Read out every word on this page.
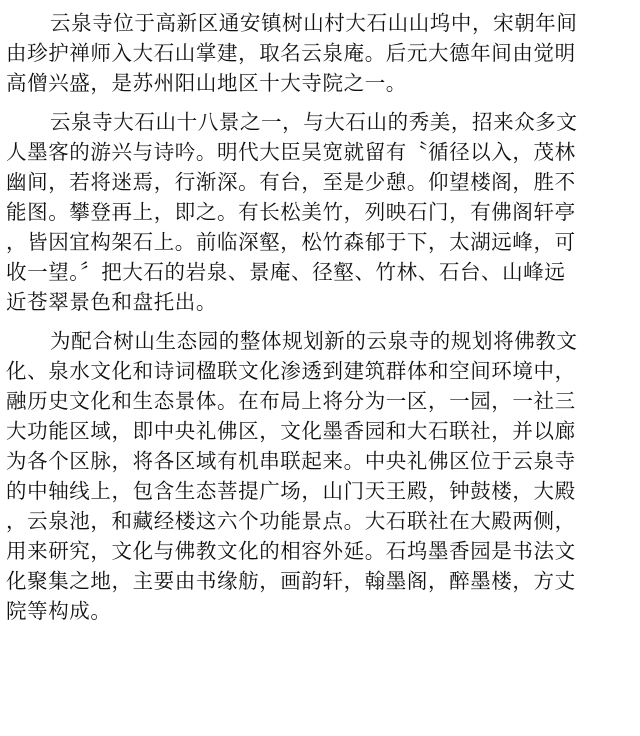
云泉寺位于高新区通安镇树山村大石山山坞中，宋朝年间
由珍护禅师入大石山掌建，取名云泉庵。后元大德年间由觉明
高僧兴盛，是苏州阳山地区十大寺院之一。

云泉寺大石山十八景之一，与大石山的秀美，招来众多文
人墨客的游兴与诗吟。明代大臣吴宽就留有〝循径以入，茂林
幽间，若将迷焉，行渐深。有台，至是少憩。仰望楼阁，胜不
能图。攀登再上，即之。有长松美竹，列映石门，有佛阁轩亭
，皆因宜构架石上。前临深壑，松竹森郁于下，太湖远峰，可
收一望。〞把大石的岩泉、景庵、径壑、竹林、石台、山峰远
近苍翠景色和盘托出。

为配合树山生态园的整体规划新的云泉寺的规划将佛教文
化、泉水文化和诗词楹联文化渗透到建筑群体和空间环境中，
融历史文化和生态景体。在布局上将分为一区，一园，一社三
大功能区域，即中央礼佛区，文化墨香园和大石联社，并以廊
为各个区脉，将各区域有机串联起来。中央礼佛区位于云泉寺
的中轴线上，包含生态菩提广场，山门天王殿，钟鼓楼，大殿
，云泉池，和藏经楼这六个功能景点。大石联社在大殿两侧，
用来研究，文化与佛教文化的相容外延。石坞墨香园是书法文
化聚集之地，主要由书缘舫，画韵轩，翰墨阁，醉墨楼，方丈
院等构成。
